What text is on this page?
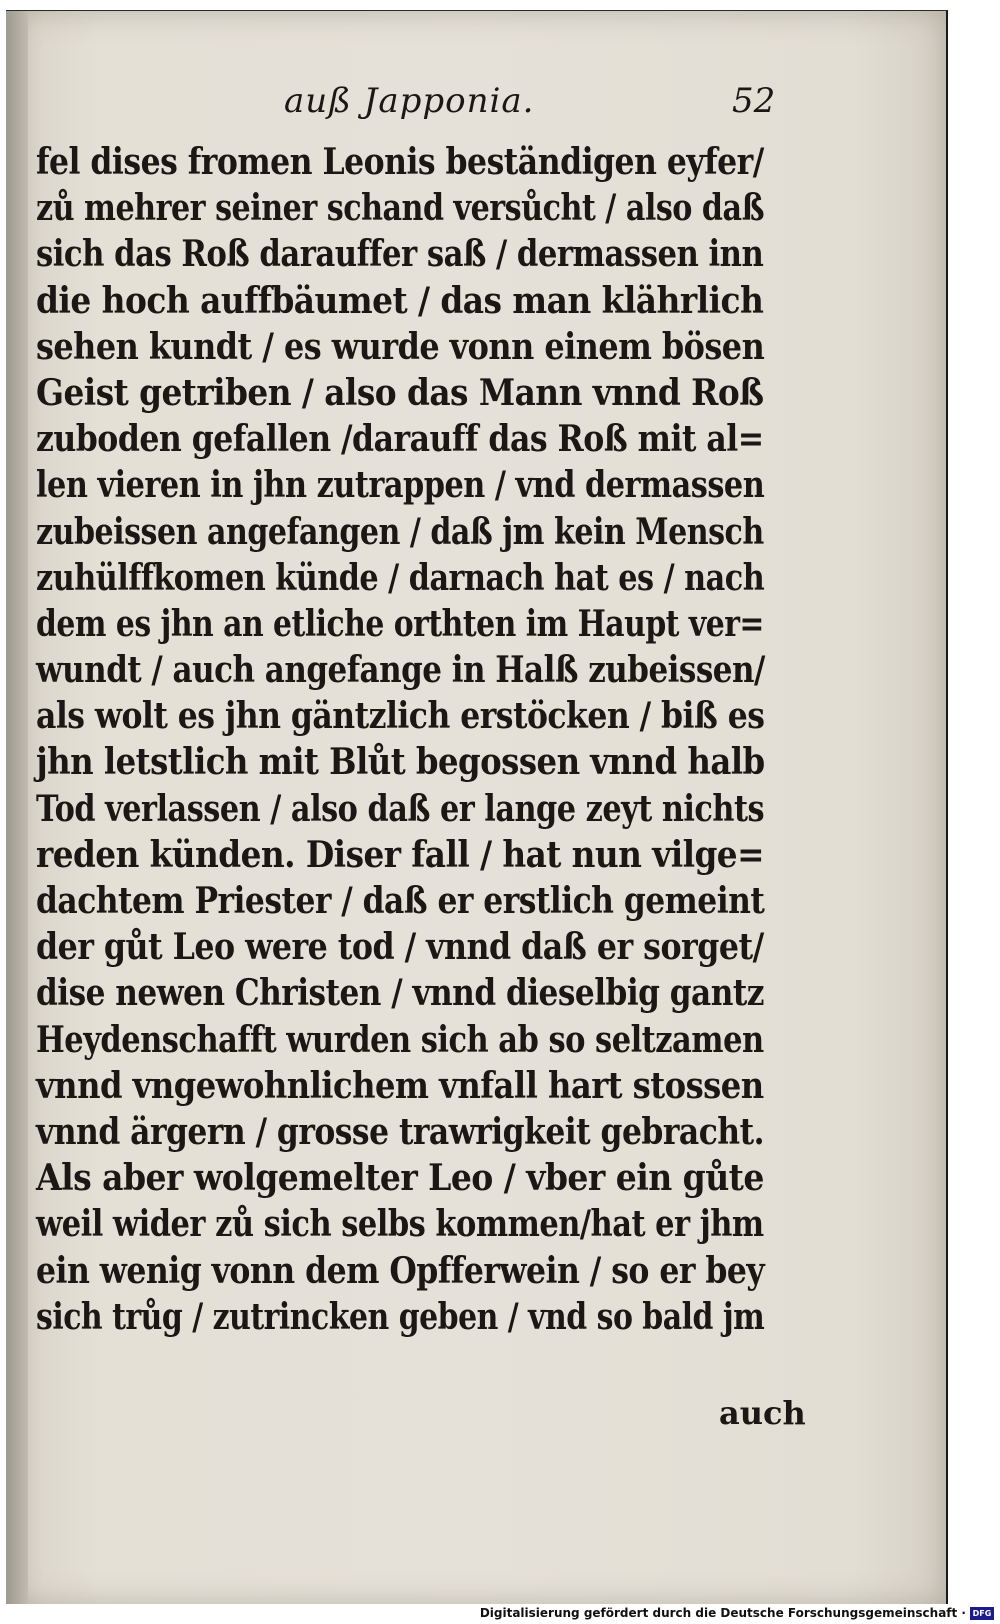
auß Japponia.	52
fel dises fromen Leonis beständigen eyfer/
zů mehrer seiner schand versůcht / also daß
sich das Roß darauffer saß / dermassen inn
die hoch auffbäumet / das man klährlich
sehen kundt / es wurde vonn einem bösen
Geist getriben / also das Mann vnnd Roß
zuboden gefallen /darauff das Roß mit al=
len vieren in jhn zutrappen / vnd dermassen
zubeissen angefangen / daß jm kein Mensch
zuhülffkomen künde / darnach hat es / nach
dem es jhn an etliche orthten im Haupt ver=
wundt / auch angefange in Halß zubeissen/
als wolt es jhn gäntzlich erstöcken / biß es
jhn letstlich mit Blůt begossen vnnd halb
Tod verlassen / also daß er lange zeyt nichts
reden künden. Diser fall / hat nun vilge=
dachtem Priester / daß er erstlich gemeint
der gůt Leo were tod / vnnd daß er sorget/
dise newen Christen / vnnd dieselbig gantz
Heydenschafft wurden sich ab so seltzamen
vnnd vngewohnlichem vnfall hart stossen
vnnd ärgern / grosse trawrigkeit gebracht.
Als aber wolgemelter Leo / vber ein gůte
weil wider zů sich selbs kommen/hat er jhm
ein wenig vonn dem Opfferwein / so er bey
sich trůg / zutrincken geben / vnd so bald jm
auch
Digitalisierung gefördert durch die Deutsche Forschungsgemeinschaft · DFG
